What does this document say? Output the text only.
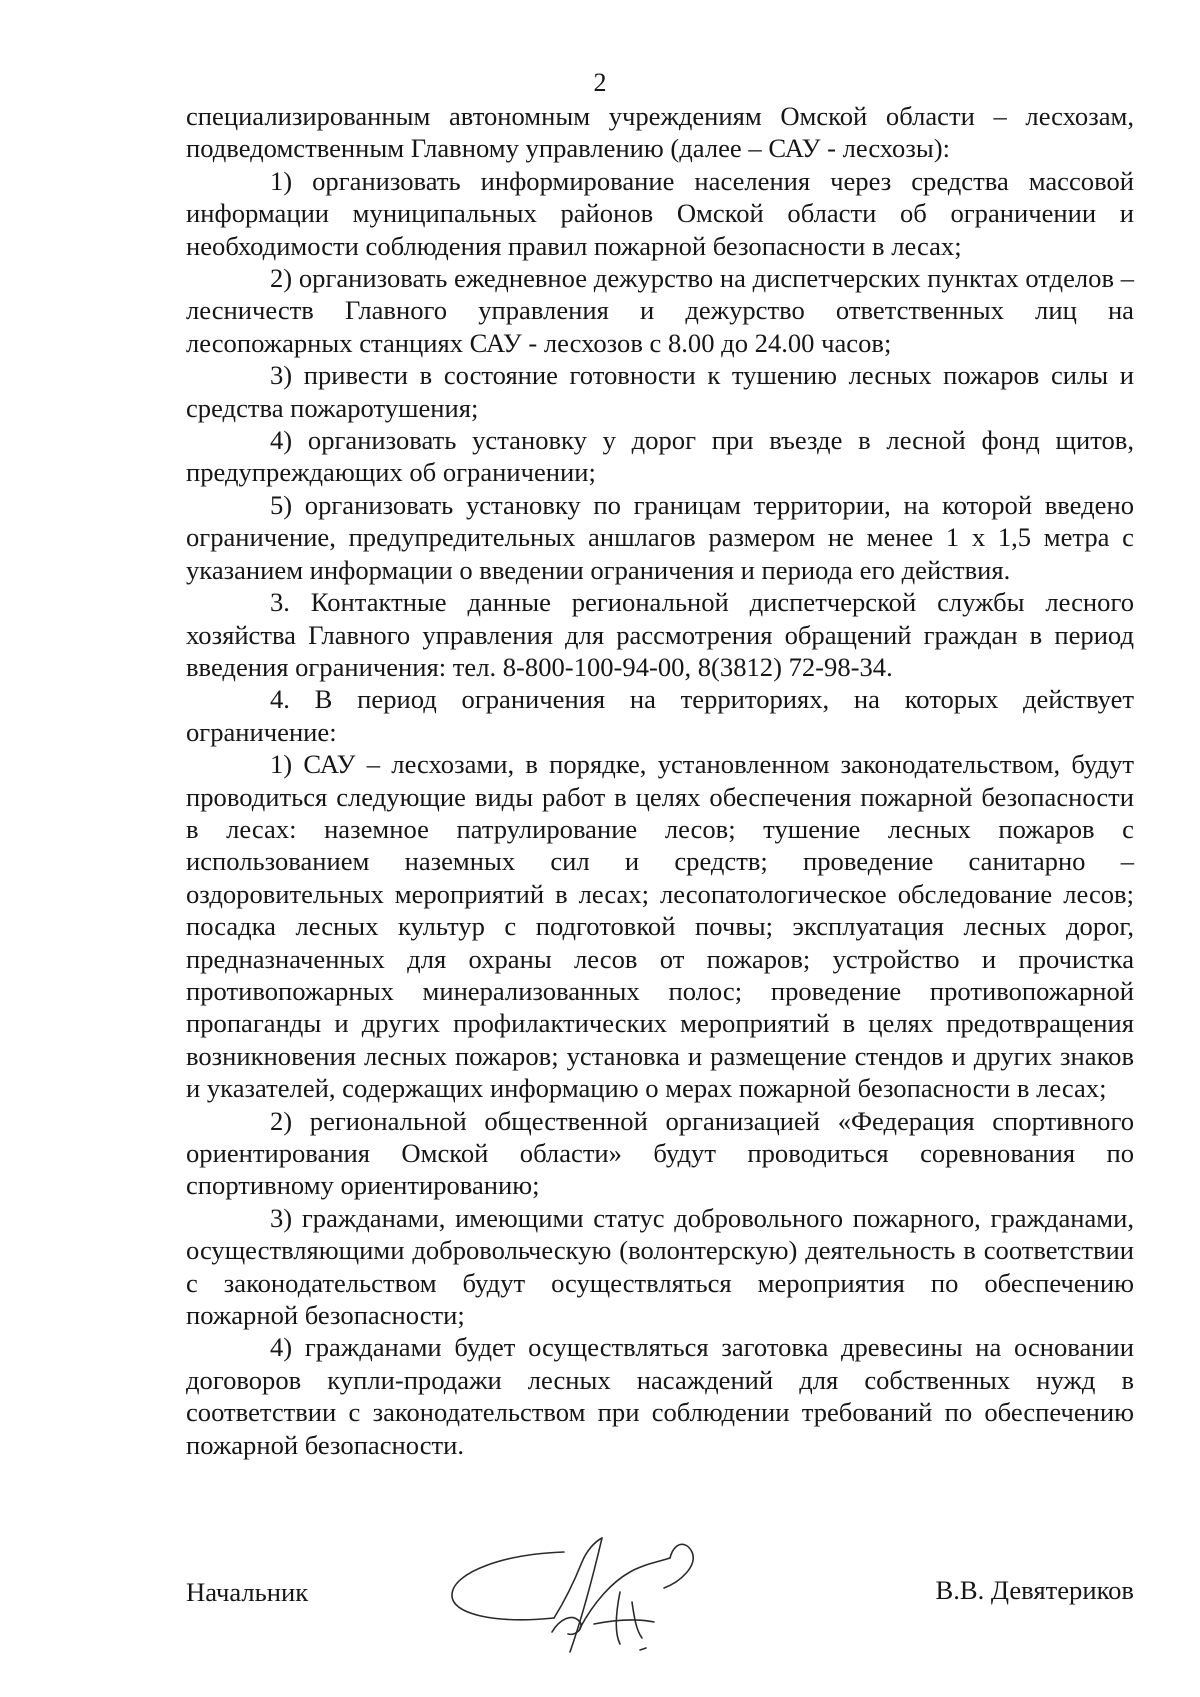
2

специализированным автономным учреждениям Омской области – лесхозам, подведомственным Главному управлению (далее – САУ - лесхозы):

1) организовать информирование населения через средства массовой информации муниципальных районов Омской области об ограничении и необходимости соблюдения правил пожарной безопасности в лесах;

2) организовать ежедневное дежурство на диспетчерских пунктах отделов – лесничеств Главного управления и дежурство ответственных лиц на лесопожарных станциях САУ - лесхозов с 8.00 до 24.00 часов;

3) привести в состояние готовности к тушению лесных пожаров силы и средства пожаротушения;

4) организовать установку у дорог при въезде в лесной фонд щитов, предупреждающих об ограничении;

5) организовать установку по границам территории, на которой введено ограничение, предупредительных аншлагов размером не менее 1 х 1,5 метра с указанием информации о введении ограничения и периода его действия.

3. Контактные данные региональной диспетчерской службы лесного хозяйства Главного управления для рассмотрения обращений граждан в период введения ограничения: тел. 8-800-100-94-00, 8(3812) 72-98-34.

4. В период ограничения на территориях, на которых действует ограничение:

1) САУ – лесхозами, в порядке, установленном законодательством, будут проводиться следующие виды работ в целях обеспечения пожарной безопасности в лесах: наземное патрулирование лесов; тушение лесных пожаров с использованием наземных сил и средств; проведение санитарно – оздоровительных мероприятий в лесах; лесопатологическое обследование лесов; посадка лесных культур с подготовкой почвы; эксплуатация лесных дорог, предназначенных для охраны лесов от пожаров; устройство и прочистка противопожарных минерализованных полос; проведение противопожарной пропаганды и других профилактических мероприятий в целях предотвращения возникновения лесных пожаров; установка и размещение стендов и других знаков и указателей, содержащих информацию о мерах пожарной безопасности в лесах;

2) региональной общественной организацией «Федерация спортивного ориентирования Омской области» будут проводиться соревнования по спортивному ориентированию;

3) гражданами, имеющими статус добровольного пожарного, гражданами, осуществляющими добровольческую (волонтерскую) деятельность в соответствии с законодательством будут осуществляться мероприятия по обеспечению пожарной безопасности;

4) гражданами будет осуществляться заготовка древесины на основании договоров купли-продажи лесных насаждений для собственных нужд в соответствии с законодательством при соблюдении требований по обеспечению пожарной безопасности.

Начальник	В.В. Девятериков
